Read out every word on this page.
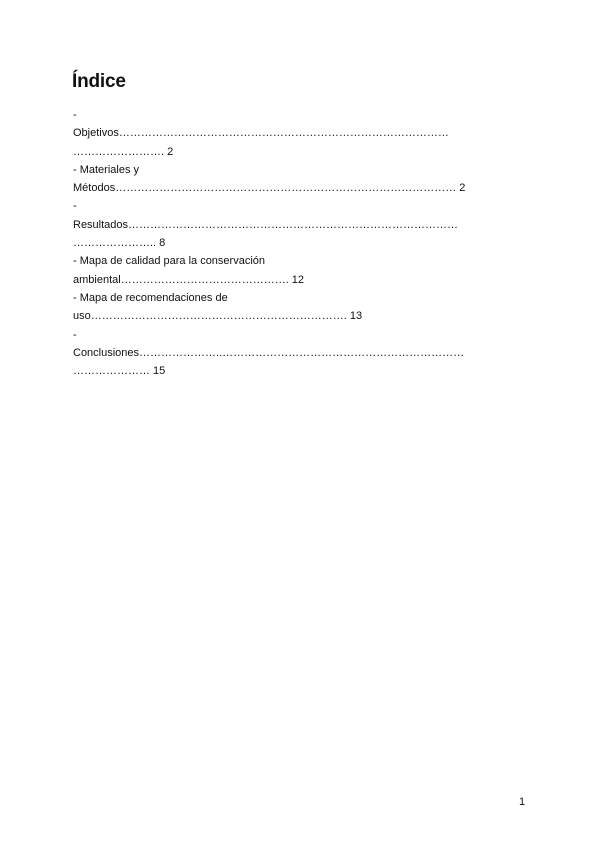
Índice
-
Objetivos………………………………………………………………………………
……………………. 2
- Materiales y
Métodos………………………………………………………………………………… 2
-
Resultados………………………………………………………………………………
………………….. 8
- Mapa de calidad para la conservación
ambiental………………………………………. 12
- Mapa de recomendaciones de
uso……………………………………………………………. 13
-
Conclusiones…………………..…………………………………………………………
………………… 15
1
